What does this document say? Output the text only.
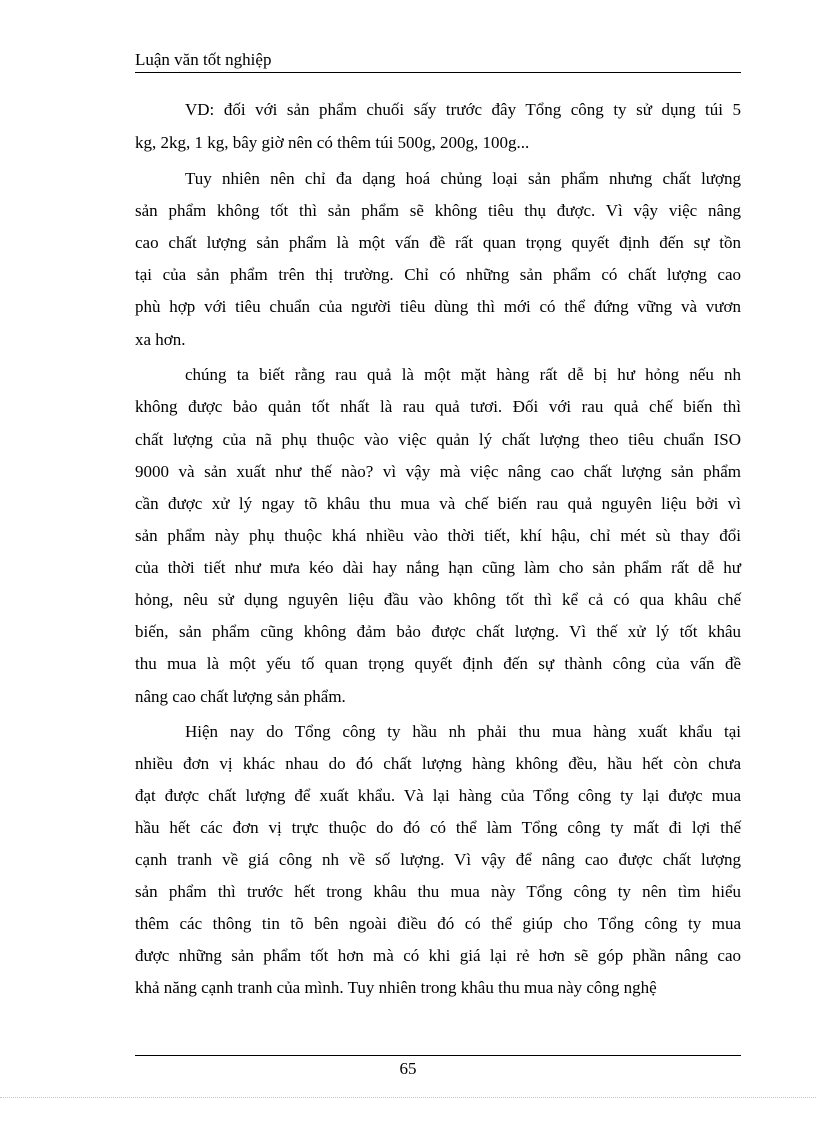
Luận văn tốt nghiệp
VD: đối với sản phẩm chuối sấy trước đây Tổng công ty sử dụng túi 5
kg, 2kg, 1 kg, bây giờ nên có thêm túi 500g, 200g, 100g...
Tuy nhiên nên chỉ đa dạng hoá chủng loại sản phẩm nhưng chất lượng
sản phẩm không tốt thì sản phẩm sẽ không tiêu thụ được. Vì vậy việc nâng
cao chất lượng sản phẩm là một vấn đề rất quan trọng quyết định đến sự tồn
tại của sản phẩm trên thị trường. Chỉ có những sản phẩm có chất lượng cao
phù hợp với tiêu chuẩn của người tiêu dùng thì mới có thể đứng vững và vươn
xa hơn.
chúng ta biết rằng rau quả là một mặt hàng rất dễ bị hư hỏng nếu nh
không được bảo quản tốt nhất là rau quả tươi. Đối với rau quả chế biến thì
chất lượng của nã phụ thuộc vào việc quản lý chất lượng theo tiêu chuẩn ISO
9000 và sản xuất như thế nào? vì vậy mà việc nâng cao chất lượng sản phẩm
cần được xử lý ngay tõ khâu thu mua và chế biến rau quả nguyên liệu bởi vì
sản phẩm này phụ thuộc khá nhiều vào thời tiết, khí hậu, chỉ mét sù thay đổi
của thời tiết như mưa kéo dài hay nắng hạn cũng làm cho sản phẩm rất dễ hư
hỏng, nêu sử dụng nguyên liệu đầu vào không tốt thì kể cả có qua khâu chế
biến, sản phẩm cũng không đảm bảo được chất lượng. Vì thế xử lý tốt khâu
thu mua là một yếu tố quan trọng quyết định đến sự thành công của vấn đề
nâng cao chất lượng sản phẩm.
Hiện nay do Tổng công ty hầu nh phải thu mua hàng xuất khẩu tại
nhiều đơn vị khác nhau do đó chất lượng hàng không đều, hầu hết còn chưa
đạt được chất lượng để xuất khẩu. Và lại hàng của Tổng công ty lại được mua
hầu hết các đơn vị trực thuộc do đó có thể làm Tổng công ty mất đi lợi thế
cạnh tranh về giá công nh về số lượng. Vì vậy để nâng cao được chất lượng
sản phẩm thì trước hết trong khâu thu mua này Tổng công ty nên tìm hiểu
thêm các thông tin tõ bên ngoài điều đó có thể giúp cho Tổng công ty mua
được những sản phẩm tốt hơn mà có khi giá lại rẻ hơn sẽ góp phần nâng cao
khả năng cạnh tranh của mình. Tuy nhiên trong khâu thu mua này công nghệ
65
